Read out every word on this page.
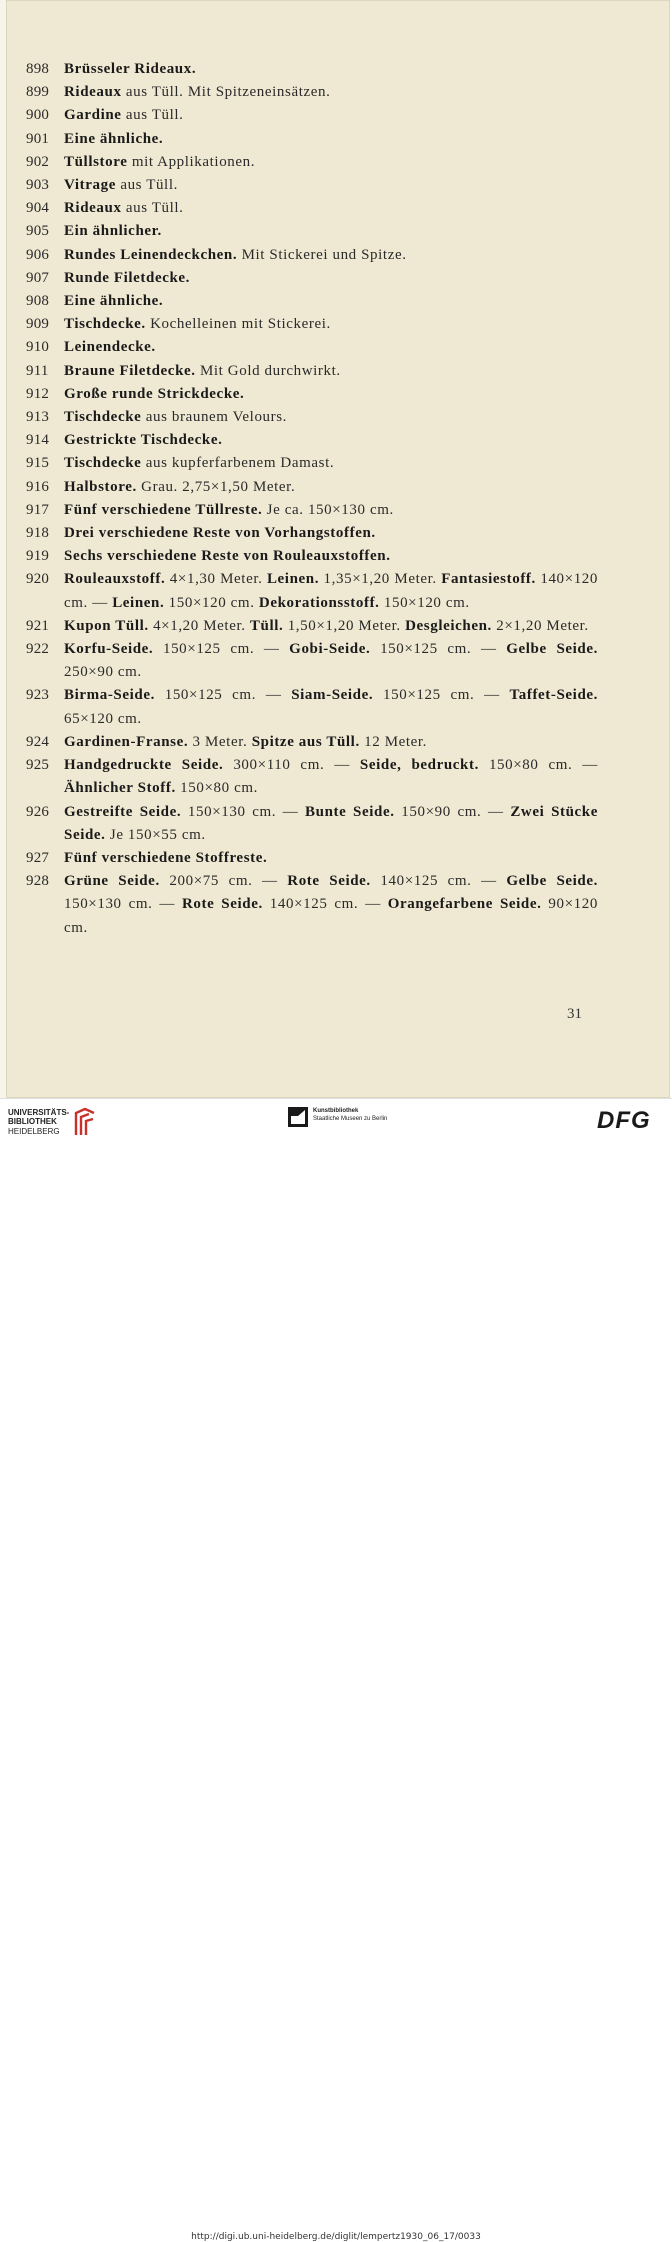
898 Brüsseler Rideaux.
899 Rideaux aus Tüll. Mit Spitzeneinsätzen.
900 Gardine aus Tüll.
901 Eine ähnliche.
902 Tüllstore mit Applikationen.
903 Vitrage aus Tüll.
904 Rideaux aus Tüll.
905 Ein ähnlicher.
906 Rundes Leinendeckchen. Mit Stickerei und Spitze.
907 Runde Filetdecke.
908 Eine ähnliche.
909 Tischdecke. Kochelleinen mit Stickerei.
910 Leinendecke.
911	Braune Filetdecke. Mit Gold durchwirkt.
912 Große runde Strickdecke.
913 Tischdecke aus braunem Velours.
914 Gestrickte Tischdecke.
915 Tischdecke aus kupferfarbenem Damast.
916 Halbstore. Grau. 2,75×1,50 Meter.
917 Fünf verschiedene Tüllreste. Je ca. 150×130 cm.
918 Drei verschiedene Reste von Vorhangstoffen.
919 Sechs verschiedene Reste von Rouleauxstoffen.
920 Rouleauxstoff. 4×1,30 Meter. Leinen. 1,35×1,20 Meter. Fantasiestoff. 140×120 cm. — Leinen. 150×120 cm. Dekorationsstoff. 150×120 cm.
921 Kupon Tüll. 4×1,20 Meter. Tüll. 1,50×1,20 Meter. Desgleichen. 2×1,20 Meter.
922 Korfu-Seide. 150×125 cm. — Gobi-Seide. 150×125 cm. — Gelbe Seide. 250×90 cm.
923 Birma-Seide. 150×125 cm. — Siam-Seide. 150×125 cm. — Taffet-Seide. 65×120 cm.
924 Gardinen-Franse. 3 Meter. Spitze aus Tüll. 12 Meter.
925 Handgedruckte Seide. 300×110 cm. — Seide, bedruckt. 150×80 cm. — Ähnlicher Stoff. 150×80 cm.
926 Gestreifte Seide. 150×130 cm. — Bunte Seide. 150×90 cm. — Zwei Stücke Seide. Je 150×55 cm.
927 Fünf verschiedene Stoffreste.
928 Grüne Seide. 200×75 cm. — Rote Seide. 140×125 cm. — Gelbe Seide. 150×130 cm. — Rote Seide. 140×125 cm. — Orangefarbene Seide. 90×120 cm.
31
UNIVERSITÄTS-
BIBLIOTHEK
HEIDELBERG
Kunstbibliothek
Staatliche Museen zu Berlin	DFG
http://digi.ub.uni-heidelberg.de/diglit/lempertz1930_06_17/0033
